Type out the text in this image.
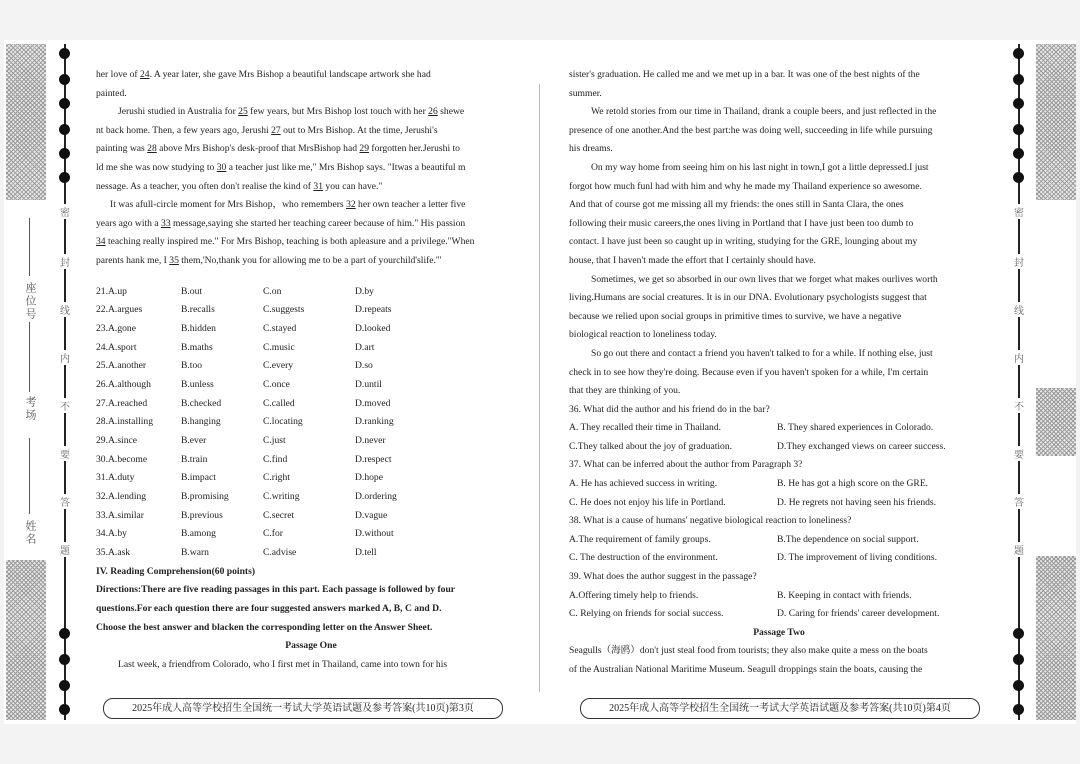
座位号
考场
姓名
密
封
线
内
不
要
答
题
密
封
线
内
不
要
答
题

her love of 24. A year later, she gave Mrs Bishop a beautiful landscape artwork she had

painted.

Jerushi studied in Australia for 25 few years, but Mrs Bishop lost touch with her 26 shewe

nt back home. Then, a few years ago, Jerushi 27 out to Mrs Bishop. At the time, Jerushi's

painting was 28 above Mrs Bishop's desk-proof that MrsBishop had 29 forgotten her.Jerushi to

ld me she was now studying to 30 a teacher just like me," Mrs Bishop says. "Itwas a beautiful m

nessage. As a teacher, you often don't realise the kind of 31 you can have."

It was afull-circle moment for Mrs Bishop，who remembers 32 her own teacher a letter five

years ago with a 33 message,saying she started her teaching career because of him." His passion

34 teaching really inspired me." For Mrs Bishop, teaching is both apleasure and a privilege."When

parents hank me, I 35 them,'No,thank you for allowing me to be a part of yourchild'slife.'"

21.A.up	B.out	C.on	D.by
22.A.argues	B.recalls	C.suggests	D.repeats
23.A.gone	B.hidden	C.stayed	D.looked
24.A.sport	B.maths	C.music	D.art
25.A.another	B.too	C.every	D.so
26.A.although	B.unless	C.once	D.until
27.A.reached	B.checked	C.called	D.moved
28.A.installing	B.hanging	C.locating	D.ranking
29.A.since	B.ever	C.just	D.never
30.A.become	B.train	C.find	D.respect
31.A.duty	B.impact	C.right	D.hope
32.A.lending	B.promising	C.writing	D.ordering
33.A.similar	B.previous	C.secret	D.vague
34.A.by	B.among	C.for	D.without
35.A.ask	B.warn	C.advise	D.tell

IV. Reading Comprehension(60 points)

Directions:There are five reading passages in this part. Each passage is followed by four

questions.For each question there are four suggested answers marked A, B, C and D.

Choose the best answer and blacken the corresponding letter on the Answer Sheet.

Passage One

Last week, a friendfrom Colorado, who I first met in Thailand, came into town for his

sister's graduation. He called me and we met up in a bar. It was one of the best nights of the

summer.

We retold stories from our time in Thailand, drank a couple beers, and just reflected in the

presence of one another.And the best part:he was doing well, succeeding in life while pursuing

his dreams.

On my way home from seeing him on his last night in town,I got a little depressed.I just

forgot how much funl had with him and why he made my Thailand experience so awesome.

And that of course got me missing all my friends: the ones still in Santa Clara, the ones

following their music careers,the ones living in Portland that I have just been too dumb to

contact. I have just been so caught up in writing, studying for the GRE, lounging about my

house, that I haven't made the effort that I certainly should have.

Sometimes, we get so absorbed in our own lives that we forget what makes ourlives worth

living.Humans are social creatures. It is in our DNA. Evolutionary psychologists suggest that

because we relied upon social groups in primitive times to survive, we have a negative

biological reaction to loneliness today.

So go out there and contact a friend you haven't talked to for a while. If nothing else, just

check in to see how they're doing. Because even if you haven't spoken for a while, I'm certain

that they are thinking of you.

36. What did the author and his friend do in the bar?

A. They recalled their time in Thailand.	B. They shared experiences in Colorado.
C.They talked about the joy of graduation.	D.They exchanged views on career success.

37. What can be inferred about the author from Paragraph 3?

A. He has achieved success in writing.	B. He has got a high score on the GRE.
C. He does not enjoy his life in Portland.	D. He regrets not having seen his friends.

38. What is a cause of humans' negative biological reaction to loneliness?

A.The requirement of family groups.	B.The dependence on social support.
C. The destruction of the environment.	D. The improvement of living conditions.

39. What does the author suggest in the passage?

A.Offering timely help to friends.	B. Keeping in contact with friends.
C. Relying on friends for social success.	D. Caring for friends' career development.

Passage Two

Seagulls（海鸥）don't just steal food from tourists; they also make quite a mess on the boats

of the Australian National Maritime Museum. Seagull droppings stain the boats, causing the

2025年成人高等学校招生全国统一考试大学英语试题及参考答案(共10页)第3页	2025年成人高等学校招生全国统一考试大学英语试题及参考答案(共10页)第4页
